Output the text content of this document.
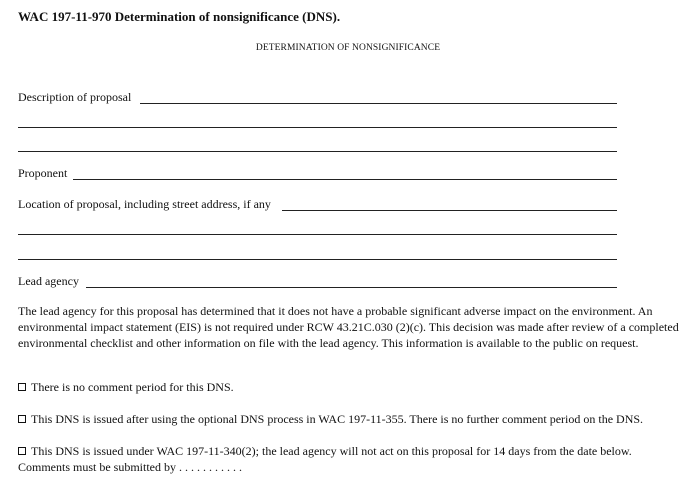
WAC 197-11-970 Determination of nonsignificance (DNS).
DETERMINATION OF NONSIGNIFICANCE
Description of proposal
Proponent
Location of proposal, including street address, if any
Lead agency
The lead agency for this proposal has determined that it does not have a probable significant adverse impact on the environment. An environmental impact statement (EIS) is not required under RCW 43.21C.030 (2)(c). This decision was made after review of a completed environmental checklist and other information on file with the lead agency. This information is available to the public on request.
There is no comment period for this DNS.
This DNS is issued after using the optional DNS process in WAC 197-11-355. There is no further comment period on the DNS.
This DNS is issued under WAC 197-11-340(2); the lead agency will not act on this proposal for 14 days from the date below.
Comments must be submitted by . . . . . . . . . . .
